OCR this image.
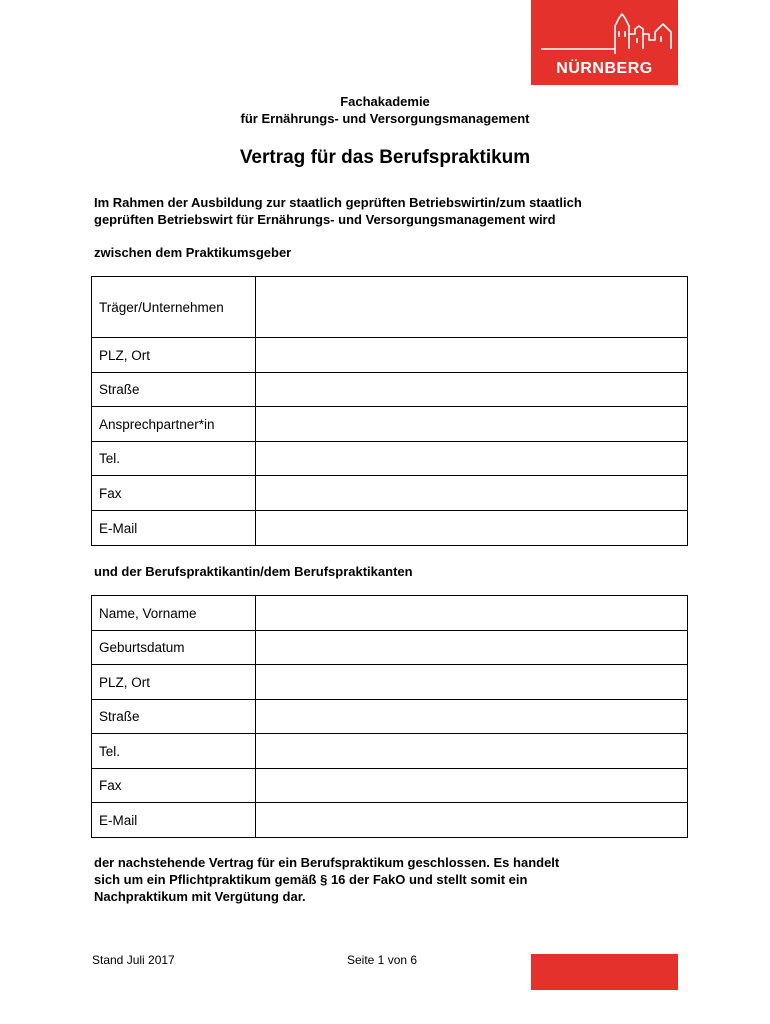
NÜRNBERG
Fachakademie
für Ernährungs- und Versorgungsmanagement
Vertrag für das Berufspraktikum
Im Rahmen der Ausbildung zur staatlich geprüften Betriebswirtin/zum staatlich
geprüften Betriebswirt für Ernährungs- und Versorgungsmanagement wird
zwischen dem Praktikumsgeber
Träger/Unternehmen	
PLZ, Ort	
Straße	
Ansprechpartner*in	
Tel.	
Fax	
E-Mail	
und der Berufspraktikantin/dem Berufspraktikanten
Name, Vorname	
Geburtsdatum	
PLZ, Ort	
Straße	
Tel.	
Fax	
E-Mail	
der nachstehende Vertrag für ein Berufspraktikum geschlossen. Es handelt
sich um ein Pflichtpraktikum gemäß § 16 der FakO und stellt somit ein
Nachpraktikum mit Vergütung dar.
Stand Juli 2017	Seite 1 von 6
